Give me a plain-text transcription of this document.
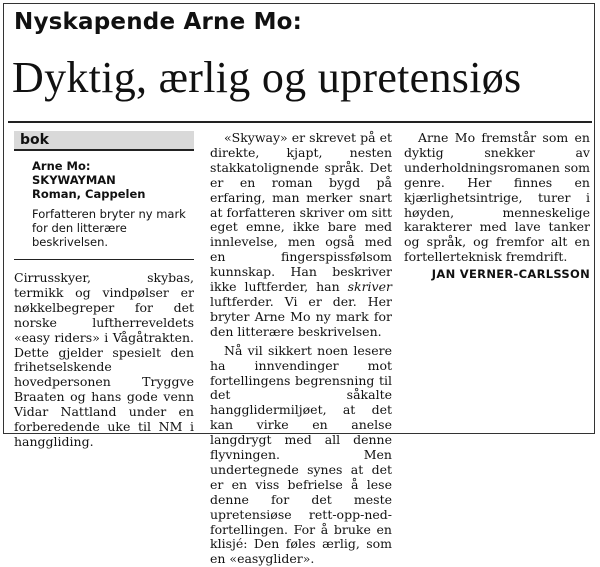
Nyskapende Arne Mo:
Dyktig, ærlig og upretensiøs
bok
Arne Mo:
SKYWAYMAN
Roman, Cappelen
Forfatteren bryter ny mark for den litterære beskrivelsen.

Cirrusskyer, skybas, termikk og vindpølser er nøkkelbegreper for det norske luftherreveldets «easy riders» i Vågåtrakten. Dette gjelder spesielt den frihetselskende hovedpersonen Tryggve Braaten og hans gode venn Vidar Nattland under en forberedende uke til NM i hanggliding.

«Skyway» er skrevet på et direkte, kjapt, nesten stakkatolignende språk. Det er en roman bygd på erfaring, man merker snart at forfatteren skriver om sitt eget emne, ikke bare med innlevelse, men også med en fingerspissfølsom kunnskap. Han beskriver ikke luftferder, han skriver luftferder. Vi er der. Her bryter Arne Mo ny mark for den litterære beskrivelsen.

Nå vil sikkert noen lesere ha innvendinger mot fortellingens begrensning til det såkalte hangglidermiljøet, at det kan virke en anelse langdrygt med all denne flyvningen. Men undertegnede synes at det er en viss befrielse å lese denne for det meste upretensiøse rett-opp-ned-fortellingen. For å bruke en klisjé: Den føles ærlig, som en «easyglider».

Arne Mo fremstår som en dyktig snekker av underholdningsromanen som genre. Her finnes en kjærlighetsintrige, turer i høyden, menneskelige karakterer med lave tanker og språk, og fremfor alt en fortellerteknisk fremdrift.

JAN VERNER-CARLSSON
